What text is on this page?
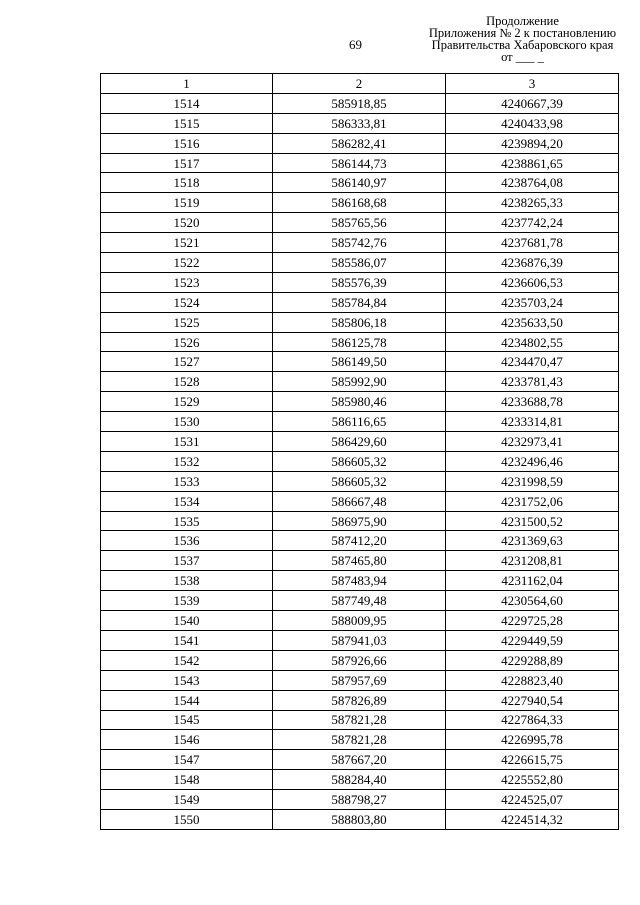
69
Продолжение
Приложения № 2 к постановлению
Правительства Хабаровского края
от ___ _
1	2	3
1514	585918,85	4240667,39
1515	586333,81	4240433,98
1516	586282,41	4239894,20
1517	586144,73	4238861,65
1518	586140,97	4238764,08
1519	586168,68	4238265,33
1520	585765,56	4237742,24
1521	585742,76	4237681,78
1522	585586,07	4236876,39
1523	585576,39	4236606,53
1524	585784,84	4235703,24
1525	585806,18	4235633,50
1526	586125,78	4234802,55
1527	586149,50	4234470,47
1528	585992,90	4233781,43
1529	585980,46	4233688,78
1530	586116,65	4233314,81
1531	586429,60	4232973,41
1532	586605,32	4232496,46
1533	586605,32	4231998,59
1534	586667,48	4231752,06
1535	586975,90	4231500,52
1536	587412,20	4231369,63
1537	587465,80	4231208,81
1538	587483,94	4231162,04
1539	587749,48	4230564,60
1540	588009,95	4229725,28
1541	587941,03	4229449,59
1542	587926,66	4229288,89
1543	587957,69	4228823,40
1544	587826,89	4227940,54
1545	587821,28	4227864,33
1546	587821,28	4226995,78
1547	587667,20	4226615,75
1548	588284,40	4225552,80
1549	588798,27	4224525,07
1550	588803,80	4224514,32
